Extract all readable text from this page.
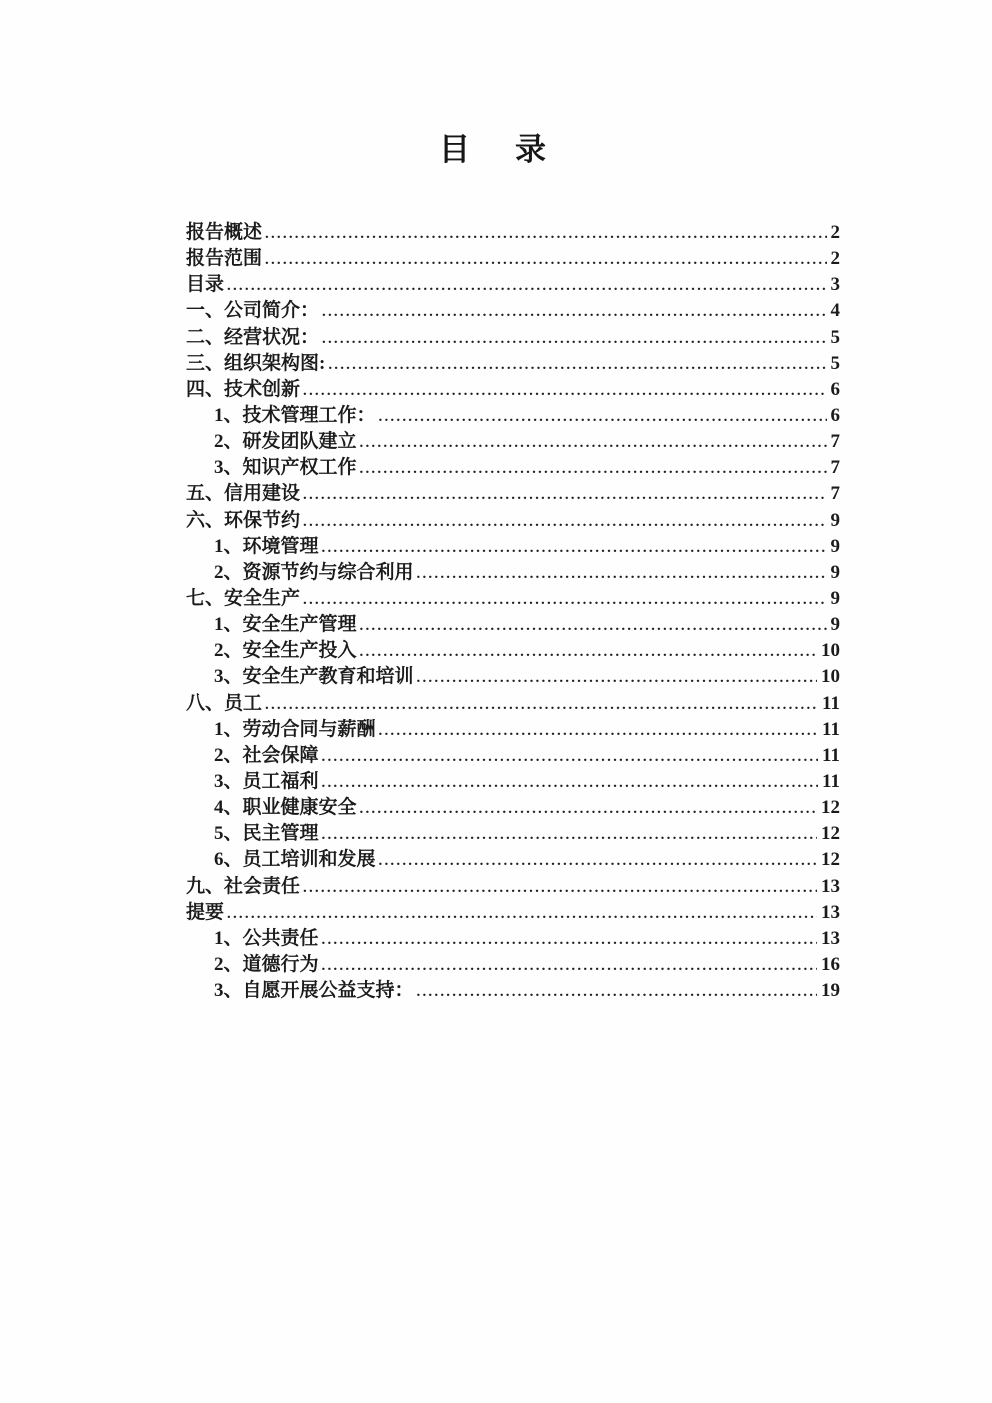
目　录
报告概述 .....	2
报告范围 .....	2
目录 .....	3
一、公司简介： .....	4
二、经营状况： .....	5
三、组织架构图: .....	5
四、技术创新 .....	6
1、技术管理工作： .....	6
2、研发团队建立 .....	7
3、知识产权工作 .....	7
五、信用建设 .....	7
六、环保节约 .....	9
1、环境管理 .....	9
2、资源节约与综合利用 .....	9
七、安全生产 .....	9
1、安全生产管理 .....	9
2、安全生产投入 .....	10
3、安全生产教育和培训 .....	10
八、员工 .....	11
1、劳动合同与薪酬 .....	11
2、社会保障 .....	11
3、员工福利 .....	11
4、职业健康安全 .....	12
5、民主管理 .....	12
6、员工培训和发展 .....	12
九、社会责任 .....	13
提要 .....	13
1、公共责任 .....	13
2、道德行为 .....	16
3、自愿开展公益支持： .....	19
